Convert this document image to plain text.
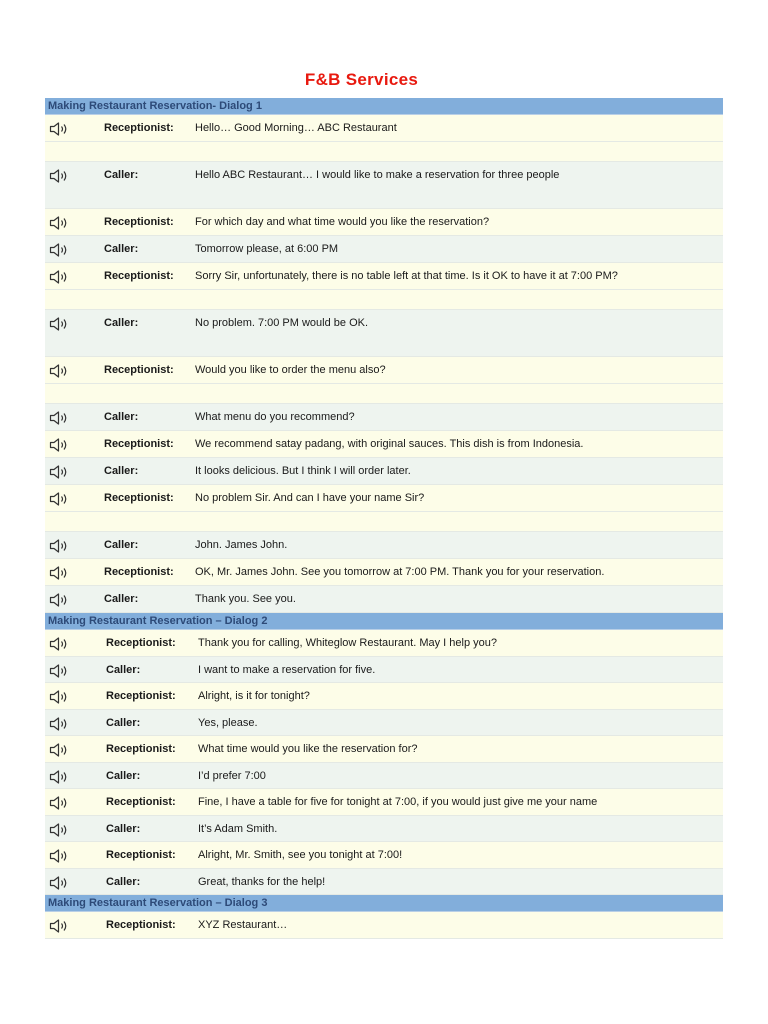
F&B Services
Making Restaurant Reservation- Dialog 1
Receptionist: Hello… Good Morning… ABC Restaurant
Caller:	Hello ABC Restaurant… I would like to make a reservation for three people
Receptionist: For which day and what time would you like the reservation?
Caller:	Tomorrow please, at 6:00 PM
Receptionist: Sorry Sir, unfortunately, there is no table left at that time. Is it OK to have it at 7:00 PM?
Caller:	No problem. 7:00 PM would be OK.
Receptionist: Would you like to order the menu also?
Caller:	What menu do you recommend?
Receptionist: We recommend satay padang, with original sauces. This dish is from Indonesia.
Caller:	It looks delicious. But I think I will order later.
Receptionist: No problem Sir. And can I have your name Sir?
Caller:	John. James John.
Receptionist: OK, Mr. James John. See you tomorrow at 7:00 PM. Thank you for your reservation.
Caller:	Thank you. See you.
Making Restaurant Reservation – Dialog 2
Receptionist: Thank you for calling, Whiteglow Restaurant. May I help you?
Caller:	I want to make a reservation for five.
Receptionist: Alright, is it for tonight?
Caller:	Yes, please.
Receptionist: What time would you like the reservation for?
Caller:	I’d prefer 7:00
Receptionist: Fine, I have a table for five for tonight at 7:00, if you would just give me your name
Caller:	It’s Adam Smith.
Receptionist: Alright, Mr. Smith, see you tonight at 7:00!
Caller:	Great, thanks for the help!
Making Restaurant Reservation – Dialog 3
Receptionist: XYZ Restaurant…
